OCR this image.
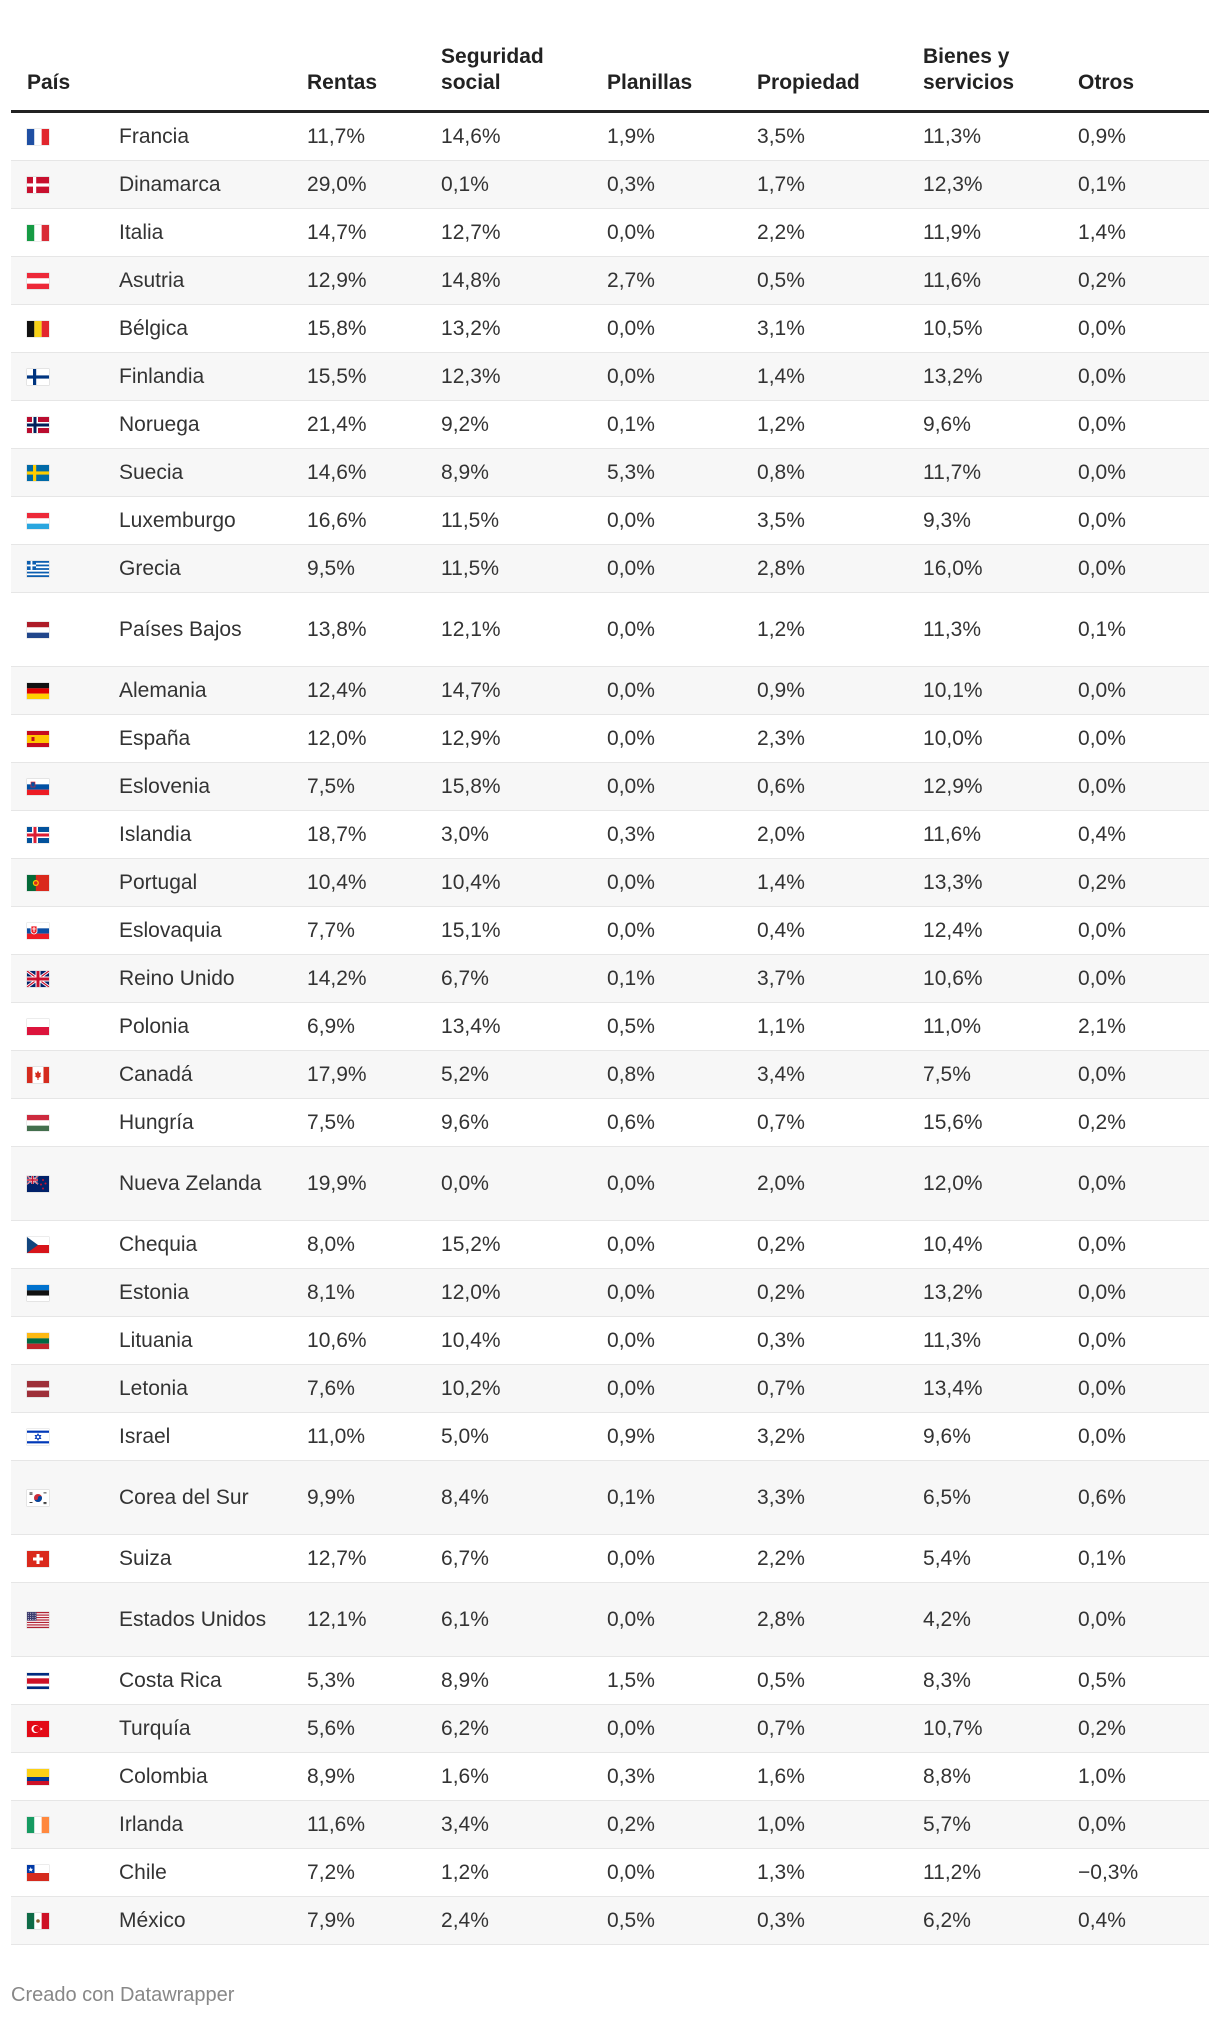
País		Rentas	Seguridad social	Planillas	Propiedad	Bienes y servicios	Otros

	Francia	11,7%	14,6%	1,9%	3,5%	11,3%	0,9%

	Dinamarca	29,0%	0,1%	0,3%	1,7%	12,3%	0,1%

	Italia	14,7%	12,7%	0,0%	2,2%	11,9%	1,4%

	Asutria	12,9%	14,8%	2,7%	0,5%	11,6%	0,2%

	Bélgica	15,8%	13,2%	0,0%	3,1%	10,5%	0,0%

	Finlandia	15,5%	12,3%	0,0%	1,4%	13,2%	0,0%

	Noruega	21,4%	9,2%	0,1%	1,2%	9,6%	0,0%

	Suecia	14,6%	8,9%	5,3%	0,8%	11,7%	0,0%

	Luxemburgo	16,6%	11,5%	0,0%	3,5%	9,3%	0,0%

	Grecia	9,5%	11,5%	0,0%	2,8%	16,0%	0,0%

	Países Bajos	13,8%	12,1%	0,0%	1,2%	11,3%	0,1%

	Alemania	12,4%	14,7%	0,0%	0,9%	10,1%	0,0%

	España	12,0%	12,9%	0,0%	2,3%	10,0%	0,0%

	Eslovenia	7,5%	15,8%	0,0%	0,6%	12,9%	0,0%

	Islandia	18,7%	3,0%	0,3%	2,0%	11,6%	0,4%

	Portugal	10,4%	10,4%	0,0%	1,4%	13,3%	0,2%

	Eslovaquia	7,7%	15,1%	0,0%	0,4%	12,4%	0,0%

	Reino Unido	14,2%	6,7%	0,1%	3,7%	10,6%	0,0%

	Polonia	6,9%	13,4%	0,5%	1,1%	11,0%	2,1%

	Canadá	17,9%	5,2%	0,8%	3,4%	7,5%	0,0%

	Hungría	7,5%	9,6%	0,6%	0,7%	15,6%	0,2%

	Nueva Zelanda	19,9%	0,0%	0,0%	2,0%	12,0%	0,0%

	Chequia	8,0%	15,2%	0,0%	0,2%	10,4%	0,0%

	Estonia	8,1%	12,0%	0,0%	0,2%	13,2%	0,0%

	Lituania	10,6%	10,4%	0,0%	0,3%	11,3%	0,0%

	Letonia	7,6%	10,2%	0,0%	0,7%	13,4%	0,0%

	Israel	11,0%	5,0%	0,9%	3,2%	9,6%	0,0%

	Corea del Sur	9,9%	8,4%	0,1%	3,3%	6,5%	0,6%

	Suiza	12,7%	6,7%	0,0%	2,2%	5,4%	0,1%

	Estados Unidos	12,1%	6,1%	0,0%	2,8%	4,2%	0,0%

	Costa Rica	5,3%	8,9%	1,5%	0,5%	8,3%	0,5%

	Turquía	5,6%	6,2%	0,0%	0,7%	10,7%	0,2%

	Colombia	8,9%	1,6%	0,3%	1,6%	8,8%	1,0%

	Irlanda	11,6%	3,4%	0,2%	1,0%	5,7%	0,0%

	Chile	7,2%	1,2%	0,0%	1,3%	11,2%	−0,3%

	México	7,9%	2,4%	0,5%	0,3%	6,2%	0,4%
Creado con Datawrapper
